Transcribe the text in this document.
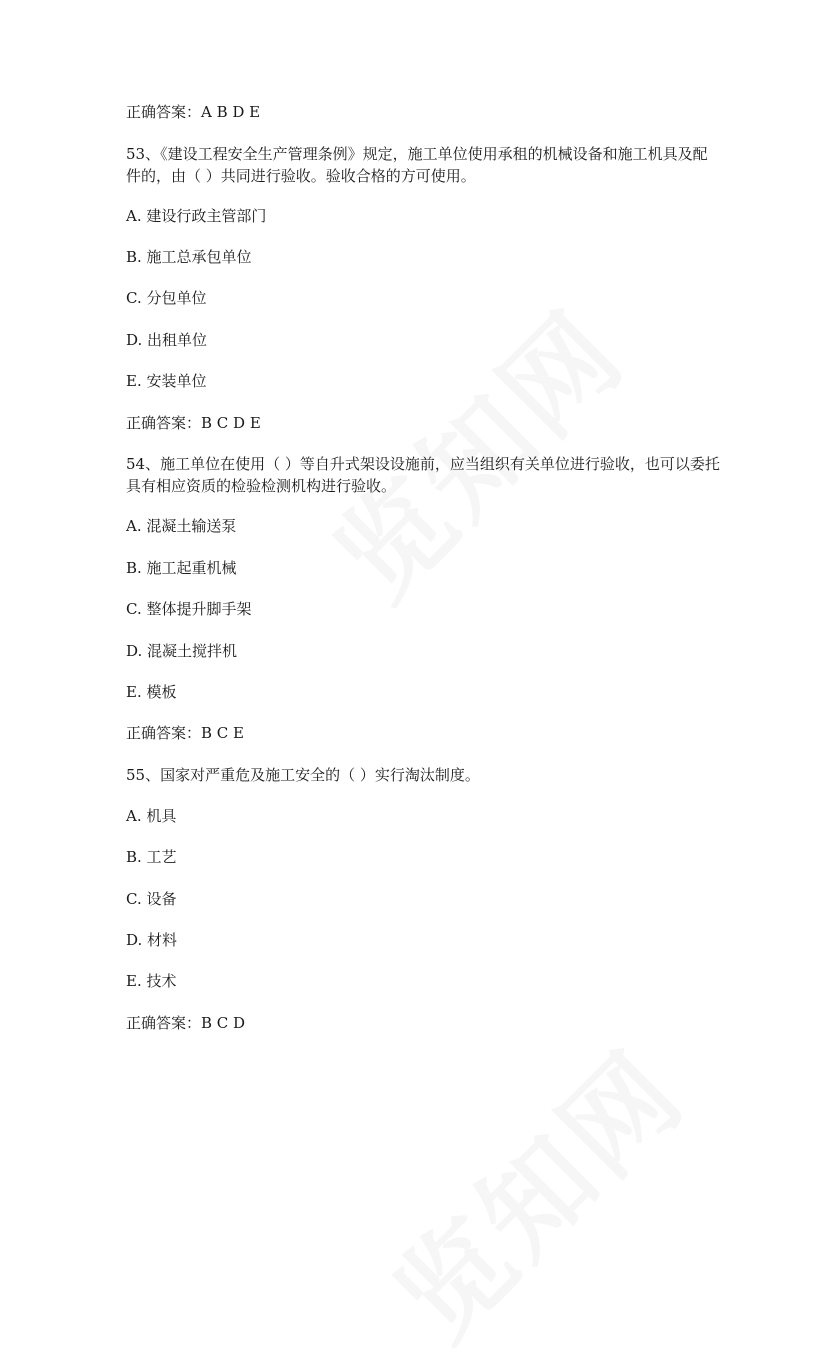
正确答案：A B D E
53、《建设工程安全生产管理条例》规定，施工单位使用承租的机械设备和施工机具及配件的，由（ ）共同进行验收。验收合格的方可使用。
A. 建设行政主管部门
B. 施工总承包单位
C. 分包单位
D. 出租单位
E. 安装单位
正确答案：B C D E
54、施工单位在使用（ ）等自升式架设设施前，应当组织有关单位进行验收，也可以委托具有相应资质的检验检测机构进行验收。
A. 混凝土输送泵
B. 施工起重机械
C. 整体提升脚手架
D. 混凝土搅拌机
E. 模板
正确答案：B C E
55、国家对严重危及施工安全的（ ）实行淘汰制度。
A. 机具
B. 工艺
C. 设备
D. 材料
E. 技术
正确答案：B C D
